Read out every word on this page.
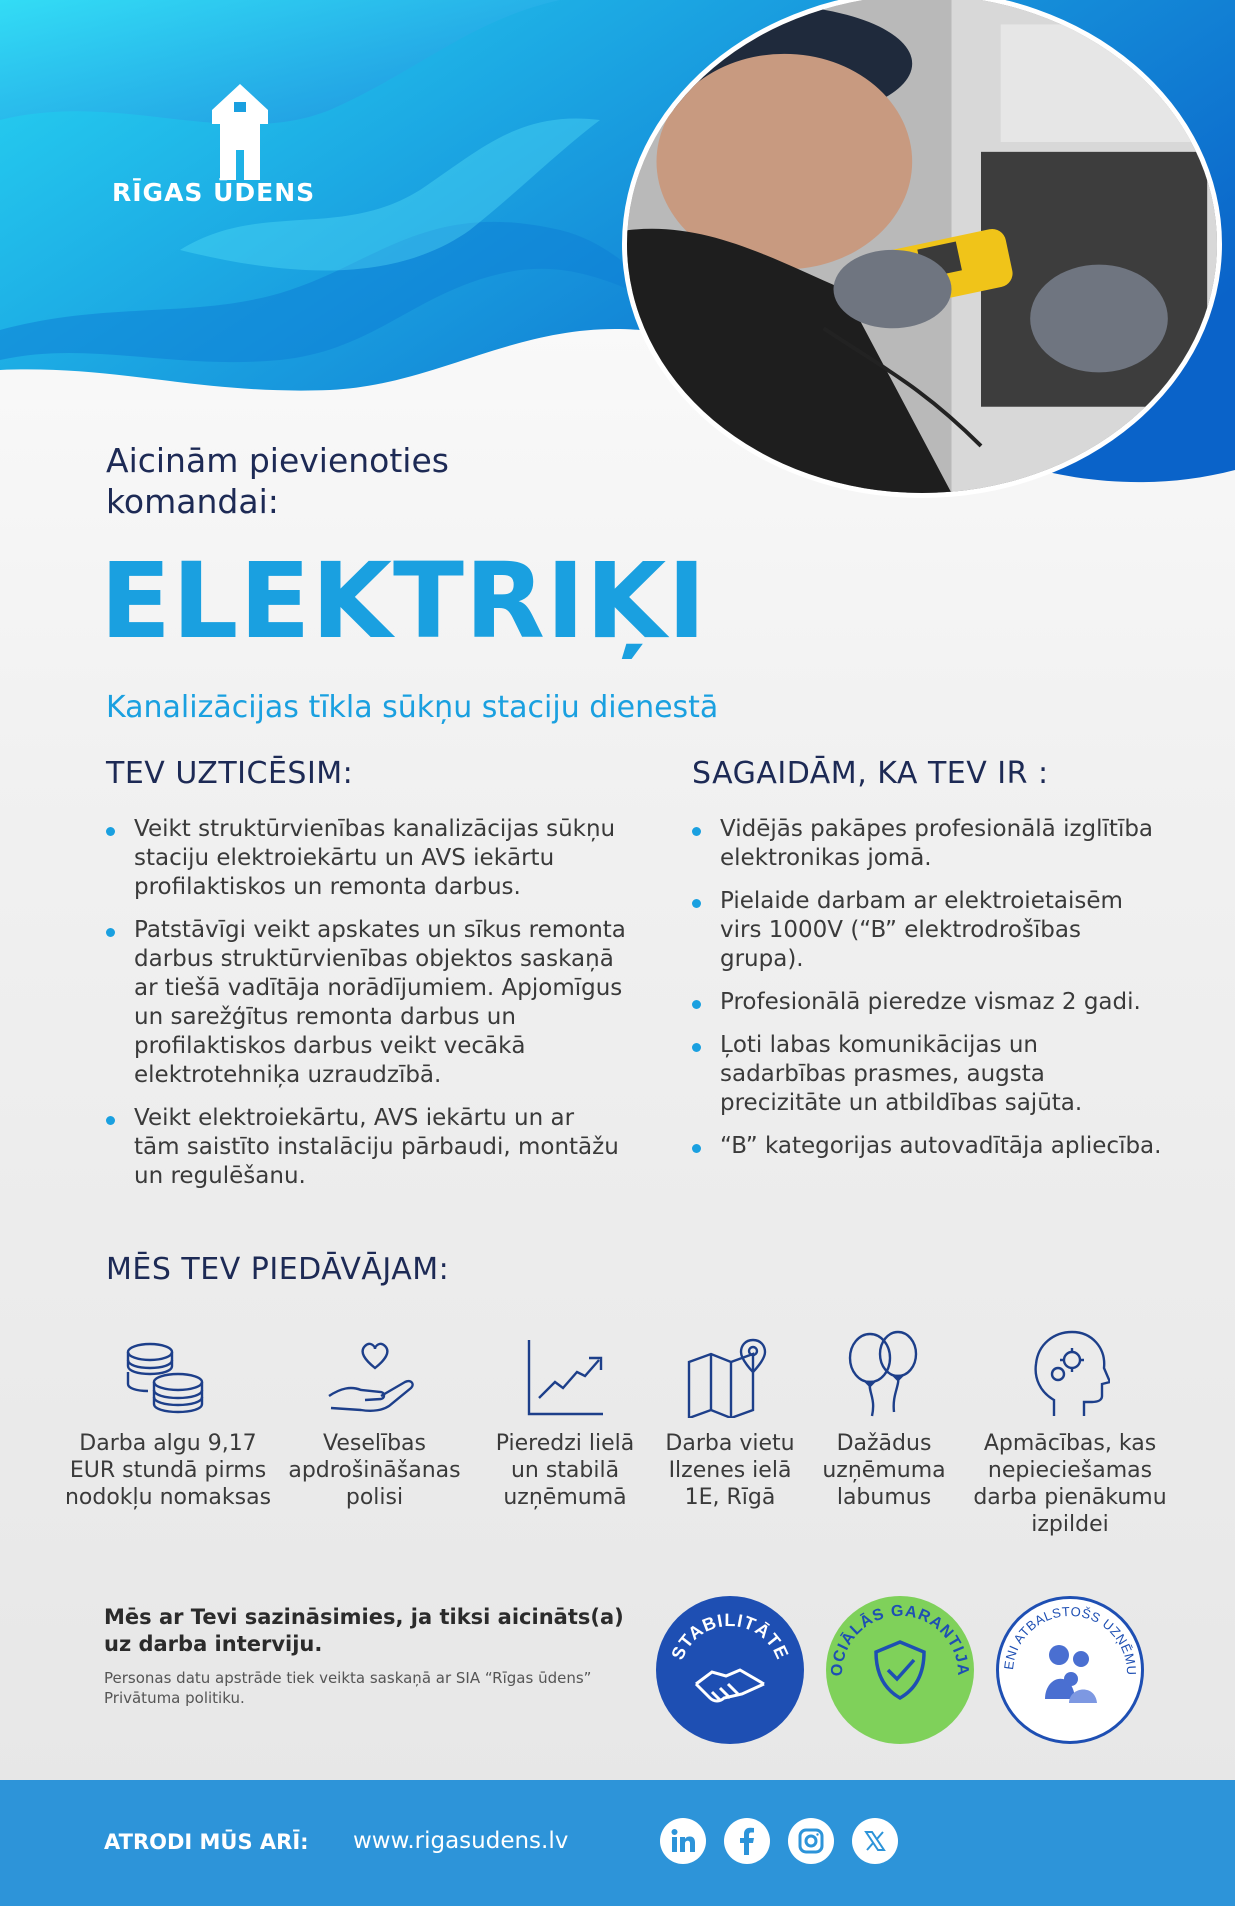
RĪGAS ŪDENS
Aicinām pievienoties komandai:
ELEKTRIĶI
Kanalizācijas tīkla sūkņu staciju dienestā
TEV UZTICĒSIM:
Veikt struktūrvienības kanalizācijas sūkņu staciju elektroiekārtu un AVS iekārtu profilaktiskos un remonta darbus.
Patstāvīgi veikt apskates un sīkus remonta darbus struktūrvienības objektos saskaņā ar tiešā vadītāja norādījumiem. Apjomīgus un sarežģītus remonta darbus un profilaktiskos darbus veikt vecākā elektrotehniķa uzraudzībā.
Veikt elektroiekārtu, AVS iekārtu un ar tām saistīto instalāciju pārbaudi, montāžu un regulēšanu.
SAGAIDĀM, KA TEV IR :
Vidējās pakāpes profesionālā izglītība elektronikas jomā.
Pielaide darbam ar elektroietaisēm virs 1000V (“B” elektrodrošības grupa).
Profesionālā pieredze vismaz 2 gadi.
Ļoti labas komunikācijas un sadarbības prasmes, augsta precizitāte un atbildības sajūta.
“B” kategorijas autovadītāja apliecība.
MĒS TEV PIEDĀVĀJAM:
Darba algu 9,17 EUR stundā pirms nodokļu nomaksas
Veselības apdrošināšanas polisi
Pieredzi lielā un stabilā uzņēmumā
Darba vietu Ilzenes ielā 1E, Rīgā
Dažādus uzņēmuma labumus
Apmācības, kas nepieciešamas darba pienākumu izpildei
Mēs ar Tevi sazināsimies, ja tiksi aicināts(a) uz darba interviju.
Personas datu apstrāde tiek veikta saskaņā ar SIA “Rīgas ūdens” Privātuma politiku.
STABILITĀTE
OCIĀLĀS GARANTIJA	ENI ATBALSTOŠS UZŅĒMU
ATRODI MŪS ARĪ: www.rigasudens.lv
